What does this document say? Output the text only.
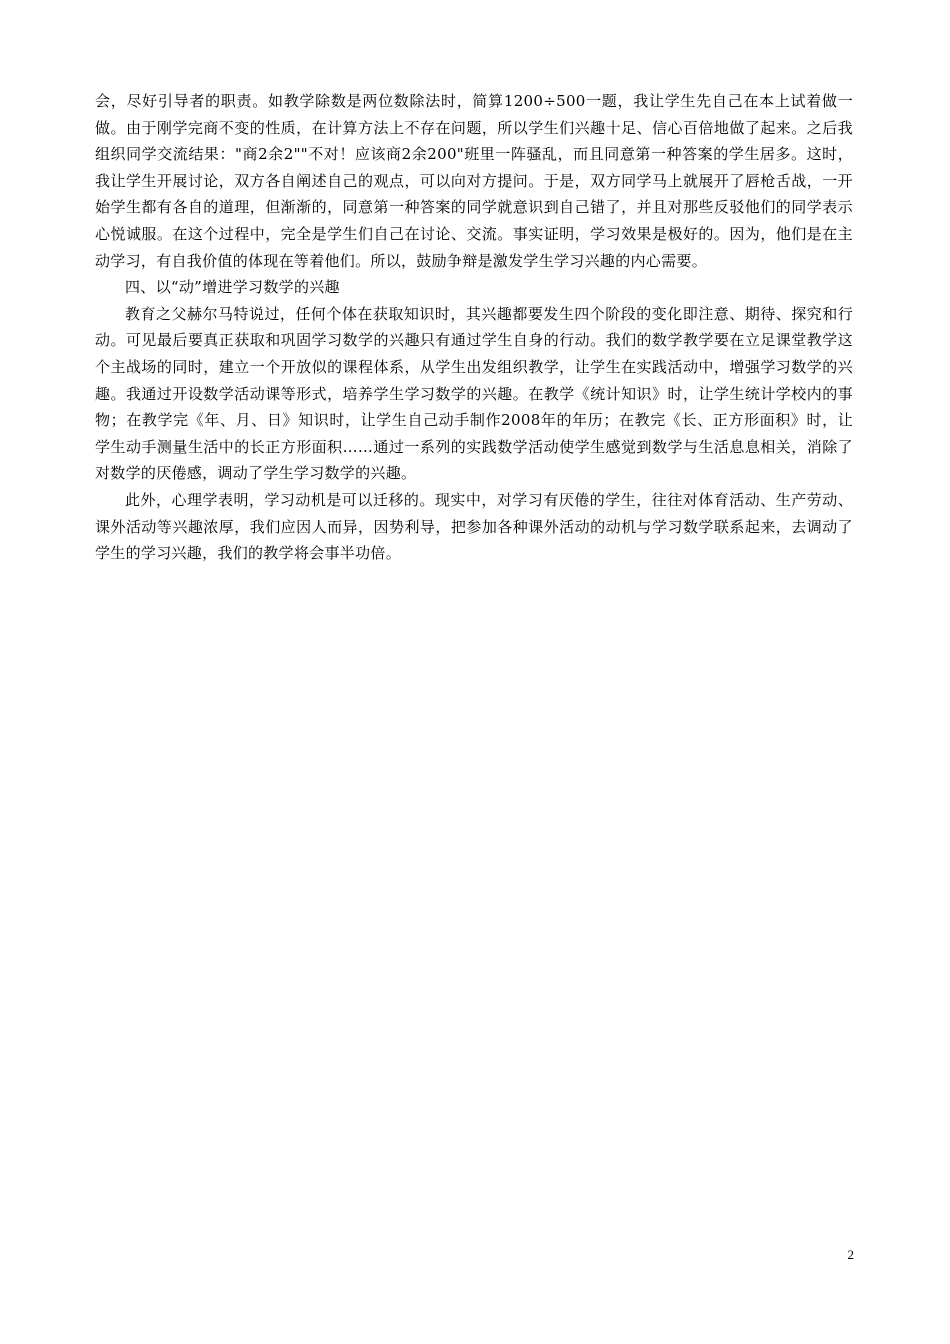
会，尽好引导者的职责。如教学除数是两位数除法时，简算1200÷500一题，我让学生先自己在本上试着做一做。由于刚学完商不变的性质，在计算方法上不存在问题，所以学生们兴趣十足、信心百倍地做了起来。之后我组织同学交流结果："商2余2""不对！应该商2余200"班里一阵骚乱，而且同意第一种答案的学生居多。这时，我让学生开展讨论，双方各自阐述自己的观点，可以向对方提问。于是，双方同学马上就展开了唇枪舌战，一开始学生都有各自的道理，但渐渐的，同意第一种答案的同学就意识到自己错了，并且对那些反驳他们的同学表示心悦诚服。在这个过程中，完全是学生们自己在讨论、交流。事实证明，学习效果是极好的。因为，他们是在主动学习，有自我价值的体现在等着他们。所以，鼓励争辩是激发学生学习兴趣的内心需要。

四、以“动”增进学习数学的兴趣

教育之父赫尔马特说过，任何个体在获取知识时，其兴趣都要发生四个阶段的变化即注意、期待、探究和行动。可见最后要真正获取和巩固学习数学的兴趣只有通过学生自身的行动。我们的数学教学要在立足课堂教学这个主战场的同时，建立一个开放似的课程体系，从学生出发组织教学，让学生在实践活动中，增强学习数学的兴趣。我通过开设数学活动课等形式，培养学生学习数学的兴趣。在教学《统计知识》时，让学生统计学校内的事物；在教学完《年、月、日》知识时，让学生自己动手制作2008年的年历；在教完《长、正方形面积》时，让学生动手测量生活中的长正方形面积……通过一系列的实践数学活动使学生感觉到数学与生活息息相关，消除了对数学的厌倦感，调动了学生学习数学的兴趣。

此外，心理学表明，学习动机是可以迁移的。现实中，对学习有厌倦的学生，往往对体育活动、生产劳动、课外活动等兴趣浓厚，我们应因人而异，因势利导，把参加各种课外活动的动机与学习数学联系起来，去调动了学生的学习兴趣，我们的教学将会事半功倍。

2
